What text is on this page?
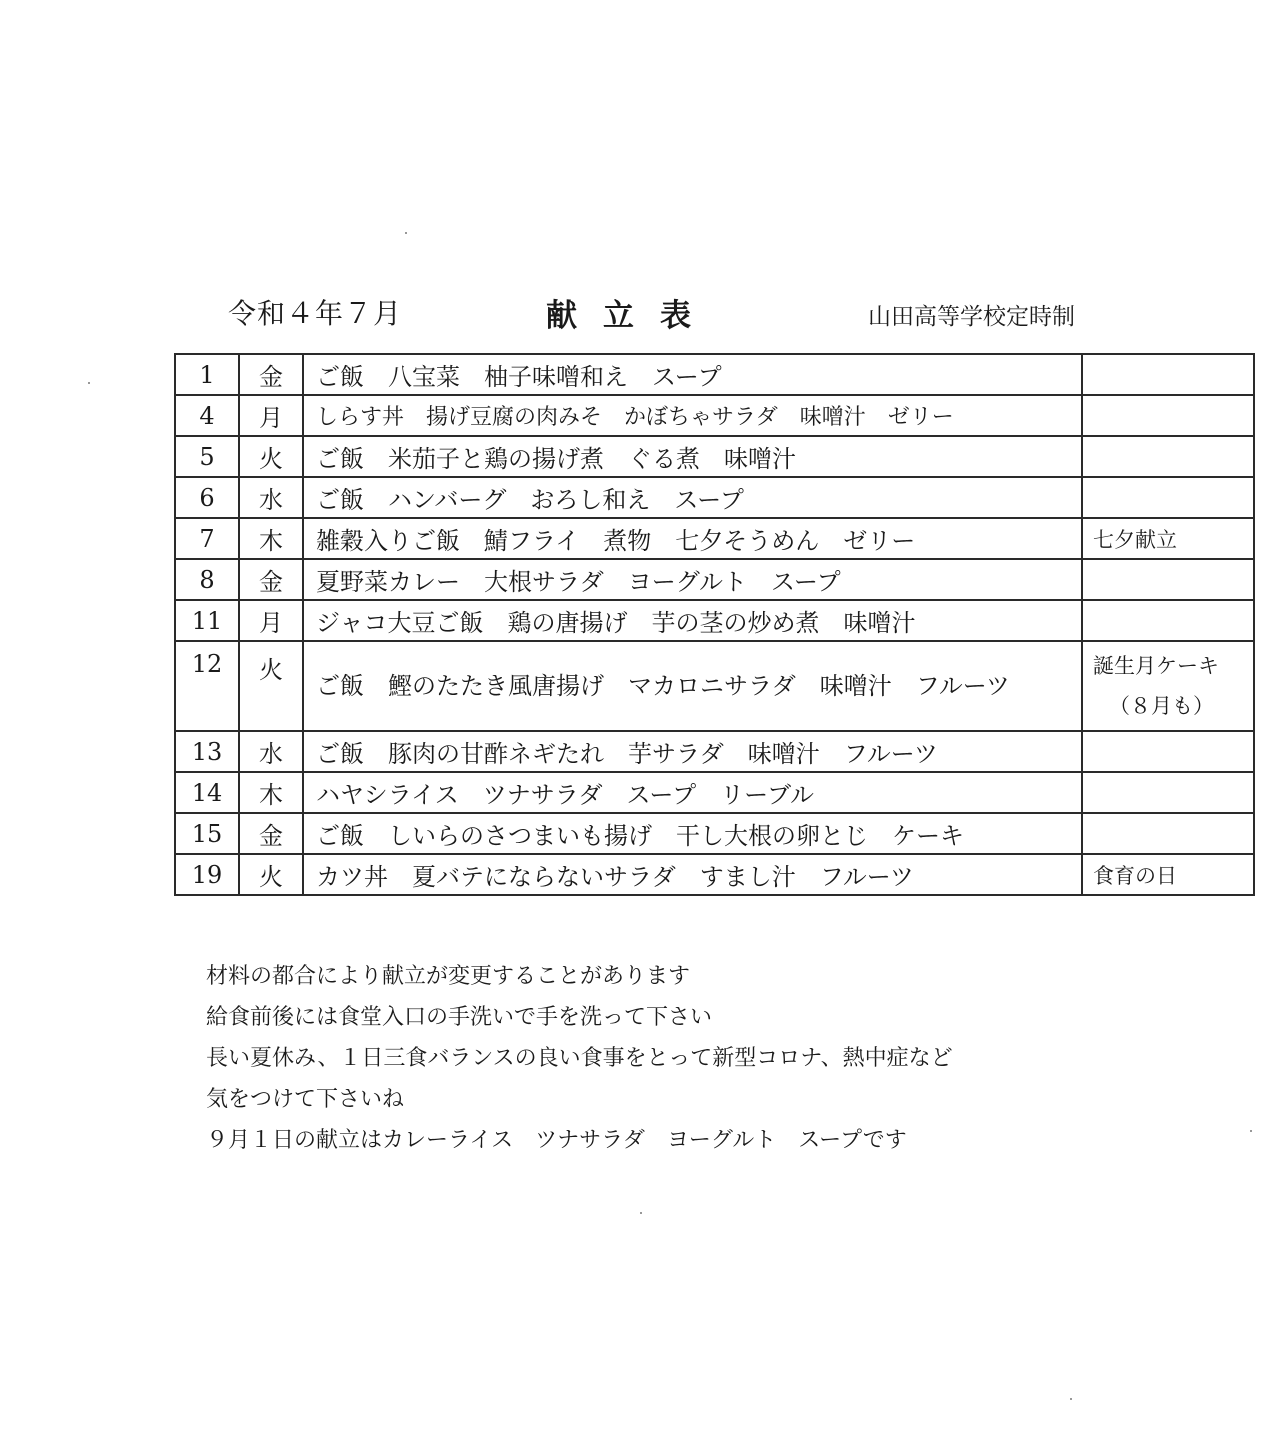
令和４年７月	献立表	山田高等学校定時制
1	金	ご飯　八宝菜　柚子味噌和え　スープ	
4	月	しらす丼　揚げ豆腐の肉みそ　かぼちゃサラダ　味噌汁　ゼリー	
5	火	ご飯　米茄子と鶏の揚げ煮　ぐる煮　味噌汁	
6	水	ご飯　ハンバーグ　おろし和え　スープ	
7	木	雑穀入りご飯　鯖フライ　煮物　七夕そうめん　ゼリー	七夕献立
8	金	夏野菜カレー　大根サラダ　ヨーグルト　スープ	
11	月	ジャコ大豆ご飯　鶏の唐揚げ　芋の茎の炒め煮　味噌汁	
12	火	ご飯　鰹のたたき風唐揚げ　マカロニサラダ　味噌汁　フルーツ	誕生月ケーキ
（８月も）

13	水	ご飯　豚肉の甘酢ネギたれ　芋サラダ　味噌汁　フルーツ	
14	木	ハヤシライス　ツナサラダ　スープ　リーブル	
15	金	ご飯　しいらのさつまいも揚げ　干し大根の卵とじ　ケーキ	
19	火	カツ丼　夏バテにならないサラダ　すまし汁　フルーツ	食育の日
材料の都合により献立が変更することがあります
給食前後には食堂入口の手洗いで手を洗って下さい
長い夏休み、１日三食バランスの良い食事をとって新型コロナ、熱中症など
気をつけて下さいね
９月１日の献立はカレーライス　ツナサラダ　ヨーグルト　スープです
